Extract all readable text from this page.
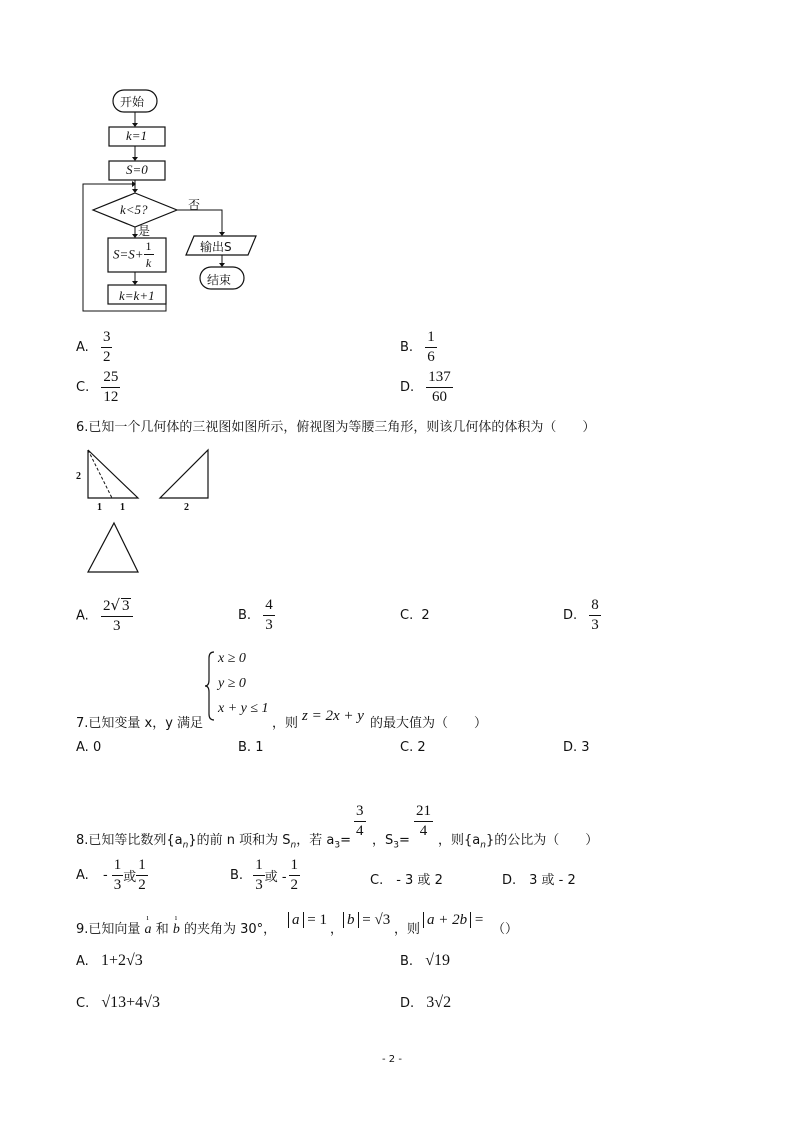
开始
k=1
S=0
k<5?	否
是
$S=S+ \frac{1}{k}$
k=k+1
输出S
结束
A. $\frac{3}{2}$	B. $\frac{1}{6}$
C. $\frac{25}{12}$	D. $\frac{137}{60}$
6.已知一个几何体的三视图如图所示，俯视图为等腰三角形，则该几何体的体积为（　　）
2
1 1	2
A. $\frac{2√ 3}{3}$	B. $\frac{4}{3}$	C. 2	D. $\frac{8}{3}$
x ≥ 0
y ≥ 0
x + y ≤ 1
7.已知变量 x，y 满足	，则 z = 2x + y 的最大值为（　　）
A. 0	B. 1	C. 2	D. 3
8.已知等比数列$\{a_n\}$的前 n 项和为 $S_n$，若 $a_3=$
$\frac{3}{4}$
，$S_3=$
$\frac{21}{4}$
，则$\{a_n\}$的公比为（　　）
A. - $\frac{1}{3}$ 或 $\frac{1}{2}$	B. $\frac{1}{3}$ 或 - $\frac{1}{2}$	C.　- 3 或 2	D.　3 或 - 2
9.已知向量
ı
a 和
ı
b 的夹角为 30°，
a = 1
，
b = √3
，则
a + 2b =
（）
A. 1+2√3	B. √19
C. √13+4√3	D. 3√2
- 2 -
